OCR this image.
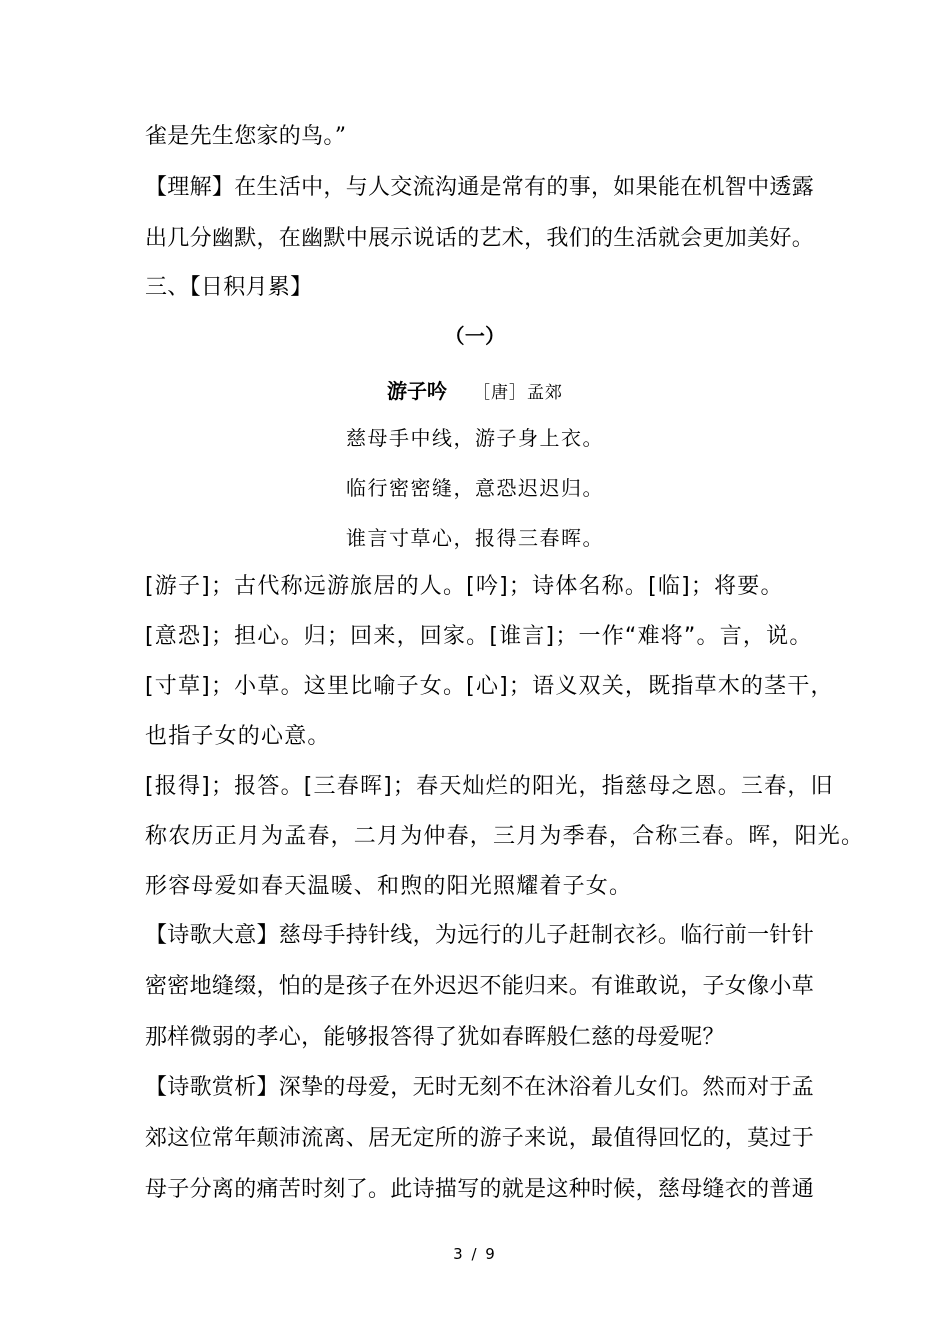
雀是先生您家的鸟。”
【理解】在生活中，与人交流沟通是常有的事，如果能在机智中透露
出几分幽默，在幽默中展示说话的艺术，我们的生活就会更加美好。
三、【日积月累】
（一）
游子吟 ［唐］孟郊
慈母手中线，游子身上衣。
临行密密缝，意恐迟迟归。
谁言寸草心，报得三春晖。
[游子]；古代称远游旅居的人。[吟]；诗体名称。[临]；将要。
[意恐]；担心。归；回来，回家。[谁言]；一作“难将”。言，说。
[寸草]；小草。这里比喻子女。[心]；语义双关，既指草木的茎干，
也指子女的心意。
[报得]；报答。[三春晖]；春天灿烂的阳光，指慈母之恩。三春，旧
称农历正月为孟春，二月为仲春，三月为季春，合称三春。晖，阳光。
形容母爱如春天温暖、和煦的阳光照耀着子女。
【诗歌大意】慈母手持针线，为远行的儿子赶制衣衫。临行前一针针
密密地缝缀，怕的是孩子在外迟迟不能归来。有谁敢说，子女像小草
那样微弱的孝心，能够报答得了犹如春晖般仁慈的母爱呢？
【诗歌赏析】深挚的母爱，无时无刻不在沐浴着儿女们。然而对于孟
郊这位常年颠沛流离、居无定所的游子来说，最值得回忆的，莫过于
母子分离的痛苦时刻了。此诗描写的就是这种时候，慈母缝衣的普通
3 / 9
